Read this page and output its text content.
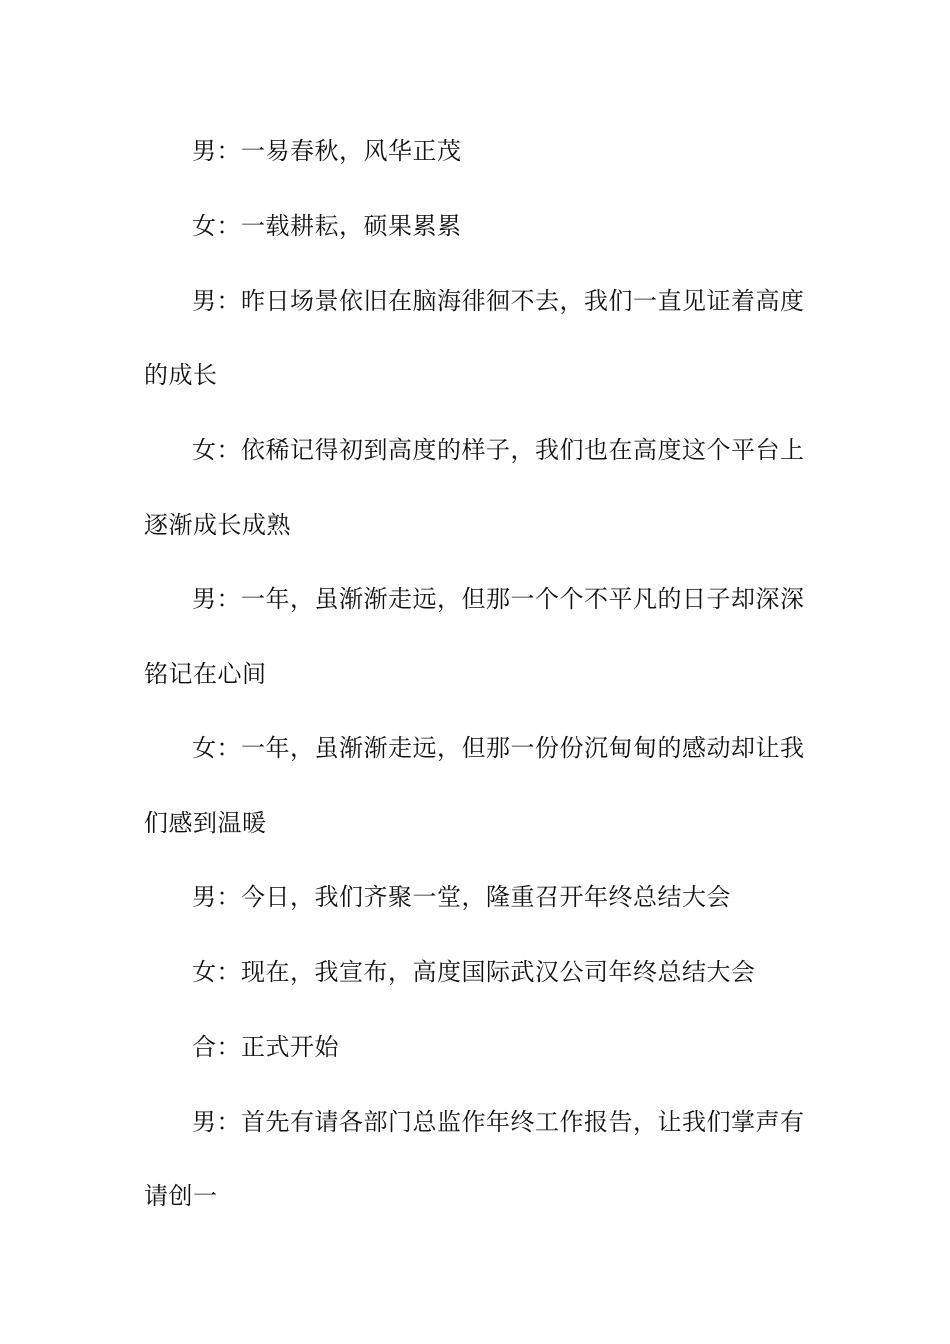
男：一易春秋，风华正茂
女：一载耕耘，硕果累累
男：昨日场景依旧在脑海徘徊不去，我们一直见证着高度
的成长
女：依稀记得初到高度的样子，我们也在高度这个平台上
逐渐成长成熟
男：一年，虽渐渐走远，但那一个个不平凡的日子却深深
铭记在心间
女：一年，虽渐渐走远，但那一份份沉甸甸的感动却让我
们感到温暖
男：今日，我们齐聚一堂，隆重召开年终总结大会
女：现在，我宣布，高度国际武汉公司年终总结大会
合：正式开始
男：首先有请各部门总监作年终工作报告，让我们掌声有
请创一
